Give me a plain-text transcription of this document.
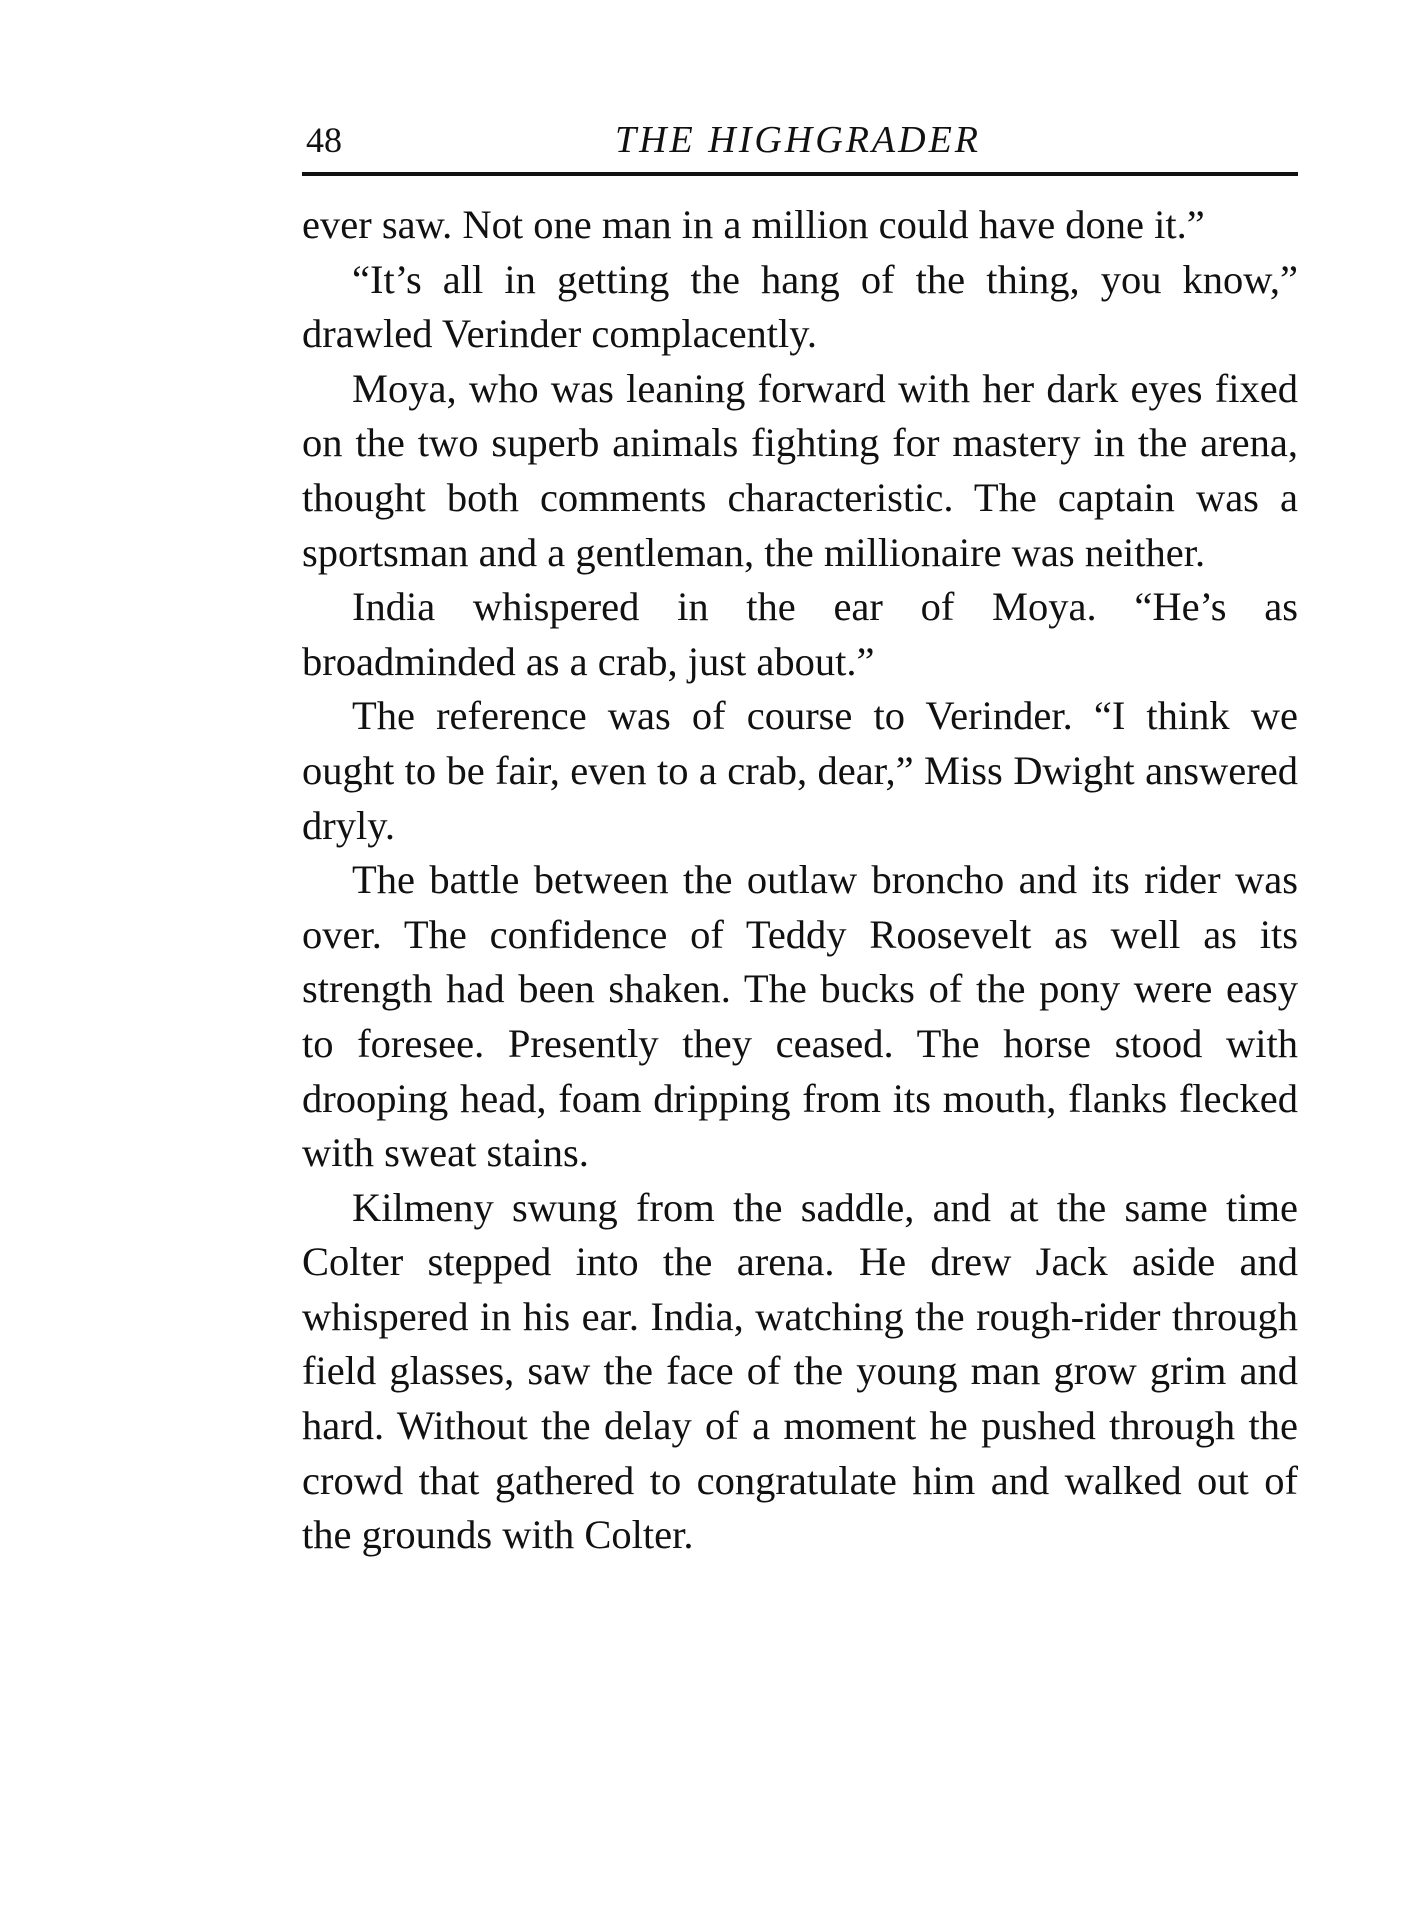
48	THE HIGHGRADER

ever saw. Not one man in a million could have done it.”

“It’s all in getting the hang of the thing, you know,” drawled Verinder complacently.

Moya, who was leaning forward with her dark eyes fixed on the two superb animals fighting for mastery in the arena, thought both comments characteristic. The captain was a sportsman and a gentleman, the millionaire was neither.

India whispered in the ear of Moya. “He’s as broadminded as a crab, just about.”

The reference was of course to Verinder. “I think we ought to be fair, even to a crab, dear,” Miss Dwight answered dryly.

The battle between the outlaw broncho and its rider was over. The confidence of Teddy Roosevelt as well as its strength had been shaken. The bucks of the pony were easy to foresee. Presently they ceased. The horse stood with drooping head, foam dripping from its mouth, flanks flecked with sweat stains.

Kilmeny swung from the saddle, and at the same time Colter stepped into the arena. He drew Jack aside and whispered in his ear. India, watching the rough-rider through field glasses, saw the face of the young man grow grim and hard. Without the delay of a moment he pushed through the crowd that gathered to congratulate him and walked out of the grounds with Colter.
